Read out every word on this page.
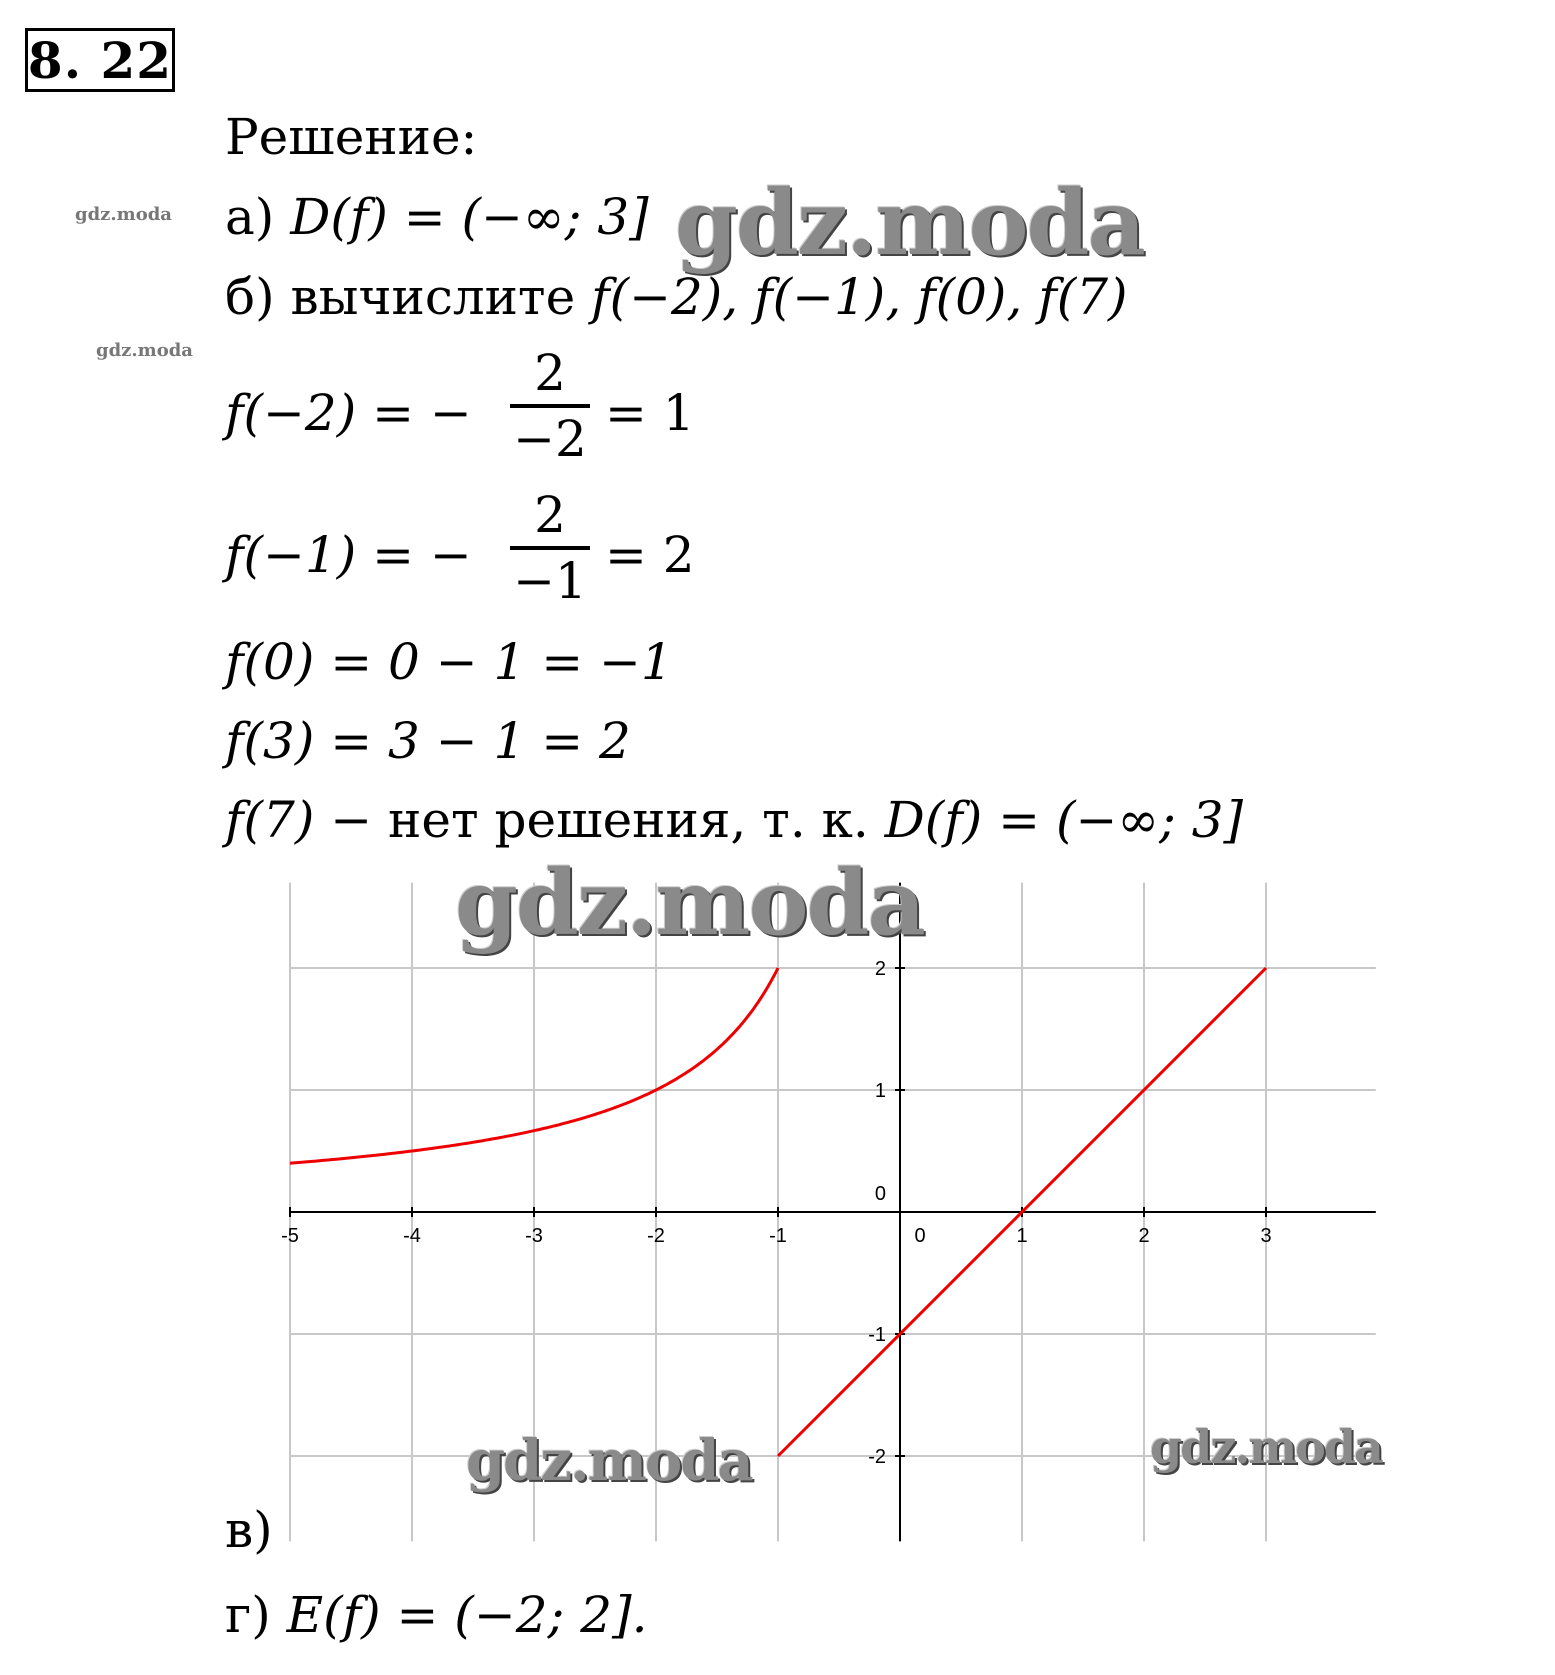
8. 22
Решение:
gdz.moda
gdz.moda
а) D(f) = (−∞; 3] gdz.moda
б) вычислите f(−2), f(−1), f(0), f(7)
f(−2) = −
2
−2 = 1
f(−1) = −
2
−1 = 2
f(0) = 0 − 1 = −1
f(3) = 3 − 1 = 2
f(7) − нет решения, т. к. D(f) = (−∞; 3]
-5	-4	-3	-2	-1	0	1	2	3
2
1
0
-1
-2
gdz.moda
gdz.moda	gdz.moda
в)
г) E(f) = (−2; 2].
